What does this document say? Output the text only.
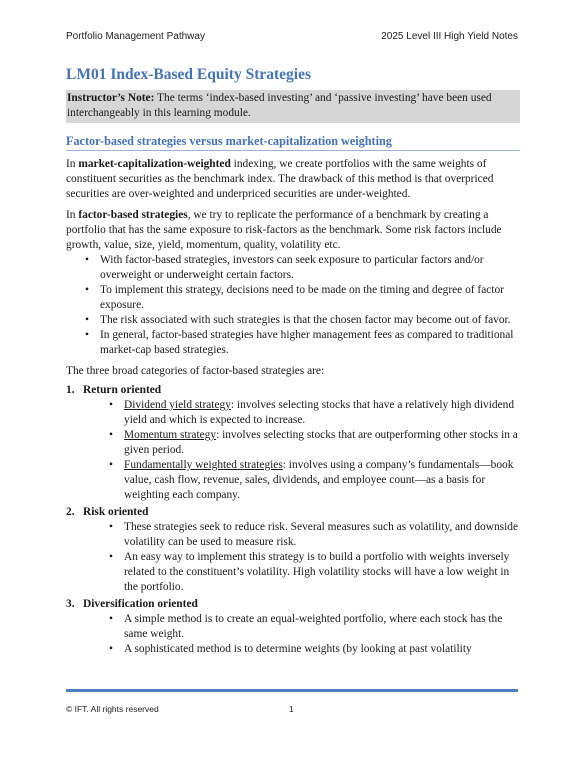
Portfolio Management Pathway	2025 Level III High Yield Notes
LM01 Index-Based Equity Strategies
Instructor’s Note: The terms ‘index-based investing’ and ‘passive investing’ have been used interchangeably in this learning module.
Factor-based strategies versus market-capitalization weighting

In market-capitalization-weighted indexing, we create portfolios with the same weights of constituent securities as the benchmark index. The drawback of this method is that overpriced securities are over-weighted and underpriced securities are under-weighted.

In factor-based strategies, we try to replicate the performance of a benchmark by creating a portfolio that has the same exposure to risk-factors as the benchmark. Some risk factors include growth, value, size, yield, momentum, quality, volatility etc.

• With factor-based strategies, investors can seek exposure to particular factors and/or overweight or underweight certain factors.
• To implement this strategy, decisions need to be made on the timing and degree of factor exposure.
• The risk associated with such strategies is that the chosen factor may become out of favor.
• In general, factor-based strategies have higher management fees as compared to traditional market-cap based strategies.

The three broad categories of factor-based strategies are:

1. Return oriented
• Dividend yield strategy: involves selecting stocks that have a relatively high dividend yield and which is expected to increase.
• Momentum strategy: involves selecting stocks that are outperforming other stocks in a given period.
• Fundamentally weighted strategies: involves using a company’s fundamentals—book value, cash flow, revenue, sales, dividends, and employee count—as a basis for weighting each company.
2. Risk oriented
• These strategies seek to reduce risk. Several measures such as volatility, and downside volatility can be used to measure risk.
• An easy way to implement this strategy is to build a portfolio with weights inversely related to the constituent’s volatility. High volatility stocks will have a low weight in the portfolio.
3. Diversification oriented
• A simple method is to create an equal-weighted portfolio, where each stock has the same weight.
• A sophisticated method is to determine weights (by looking at past volatility
© IFT. All rights reserved	1
